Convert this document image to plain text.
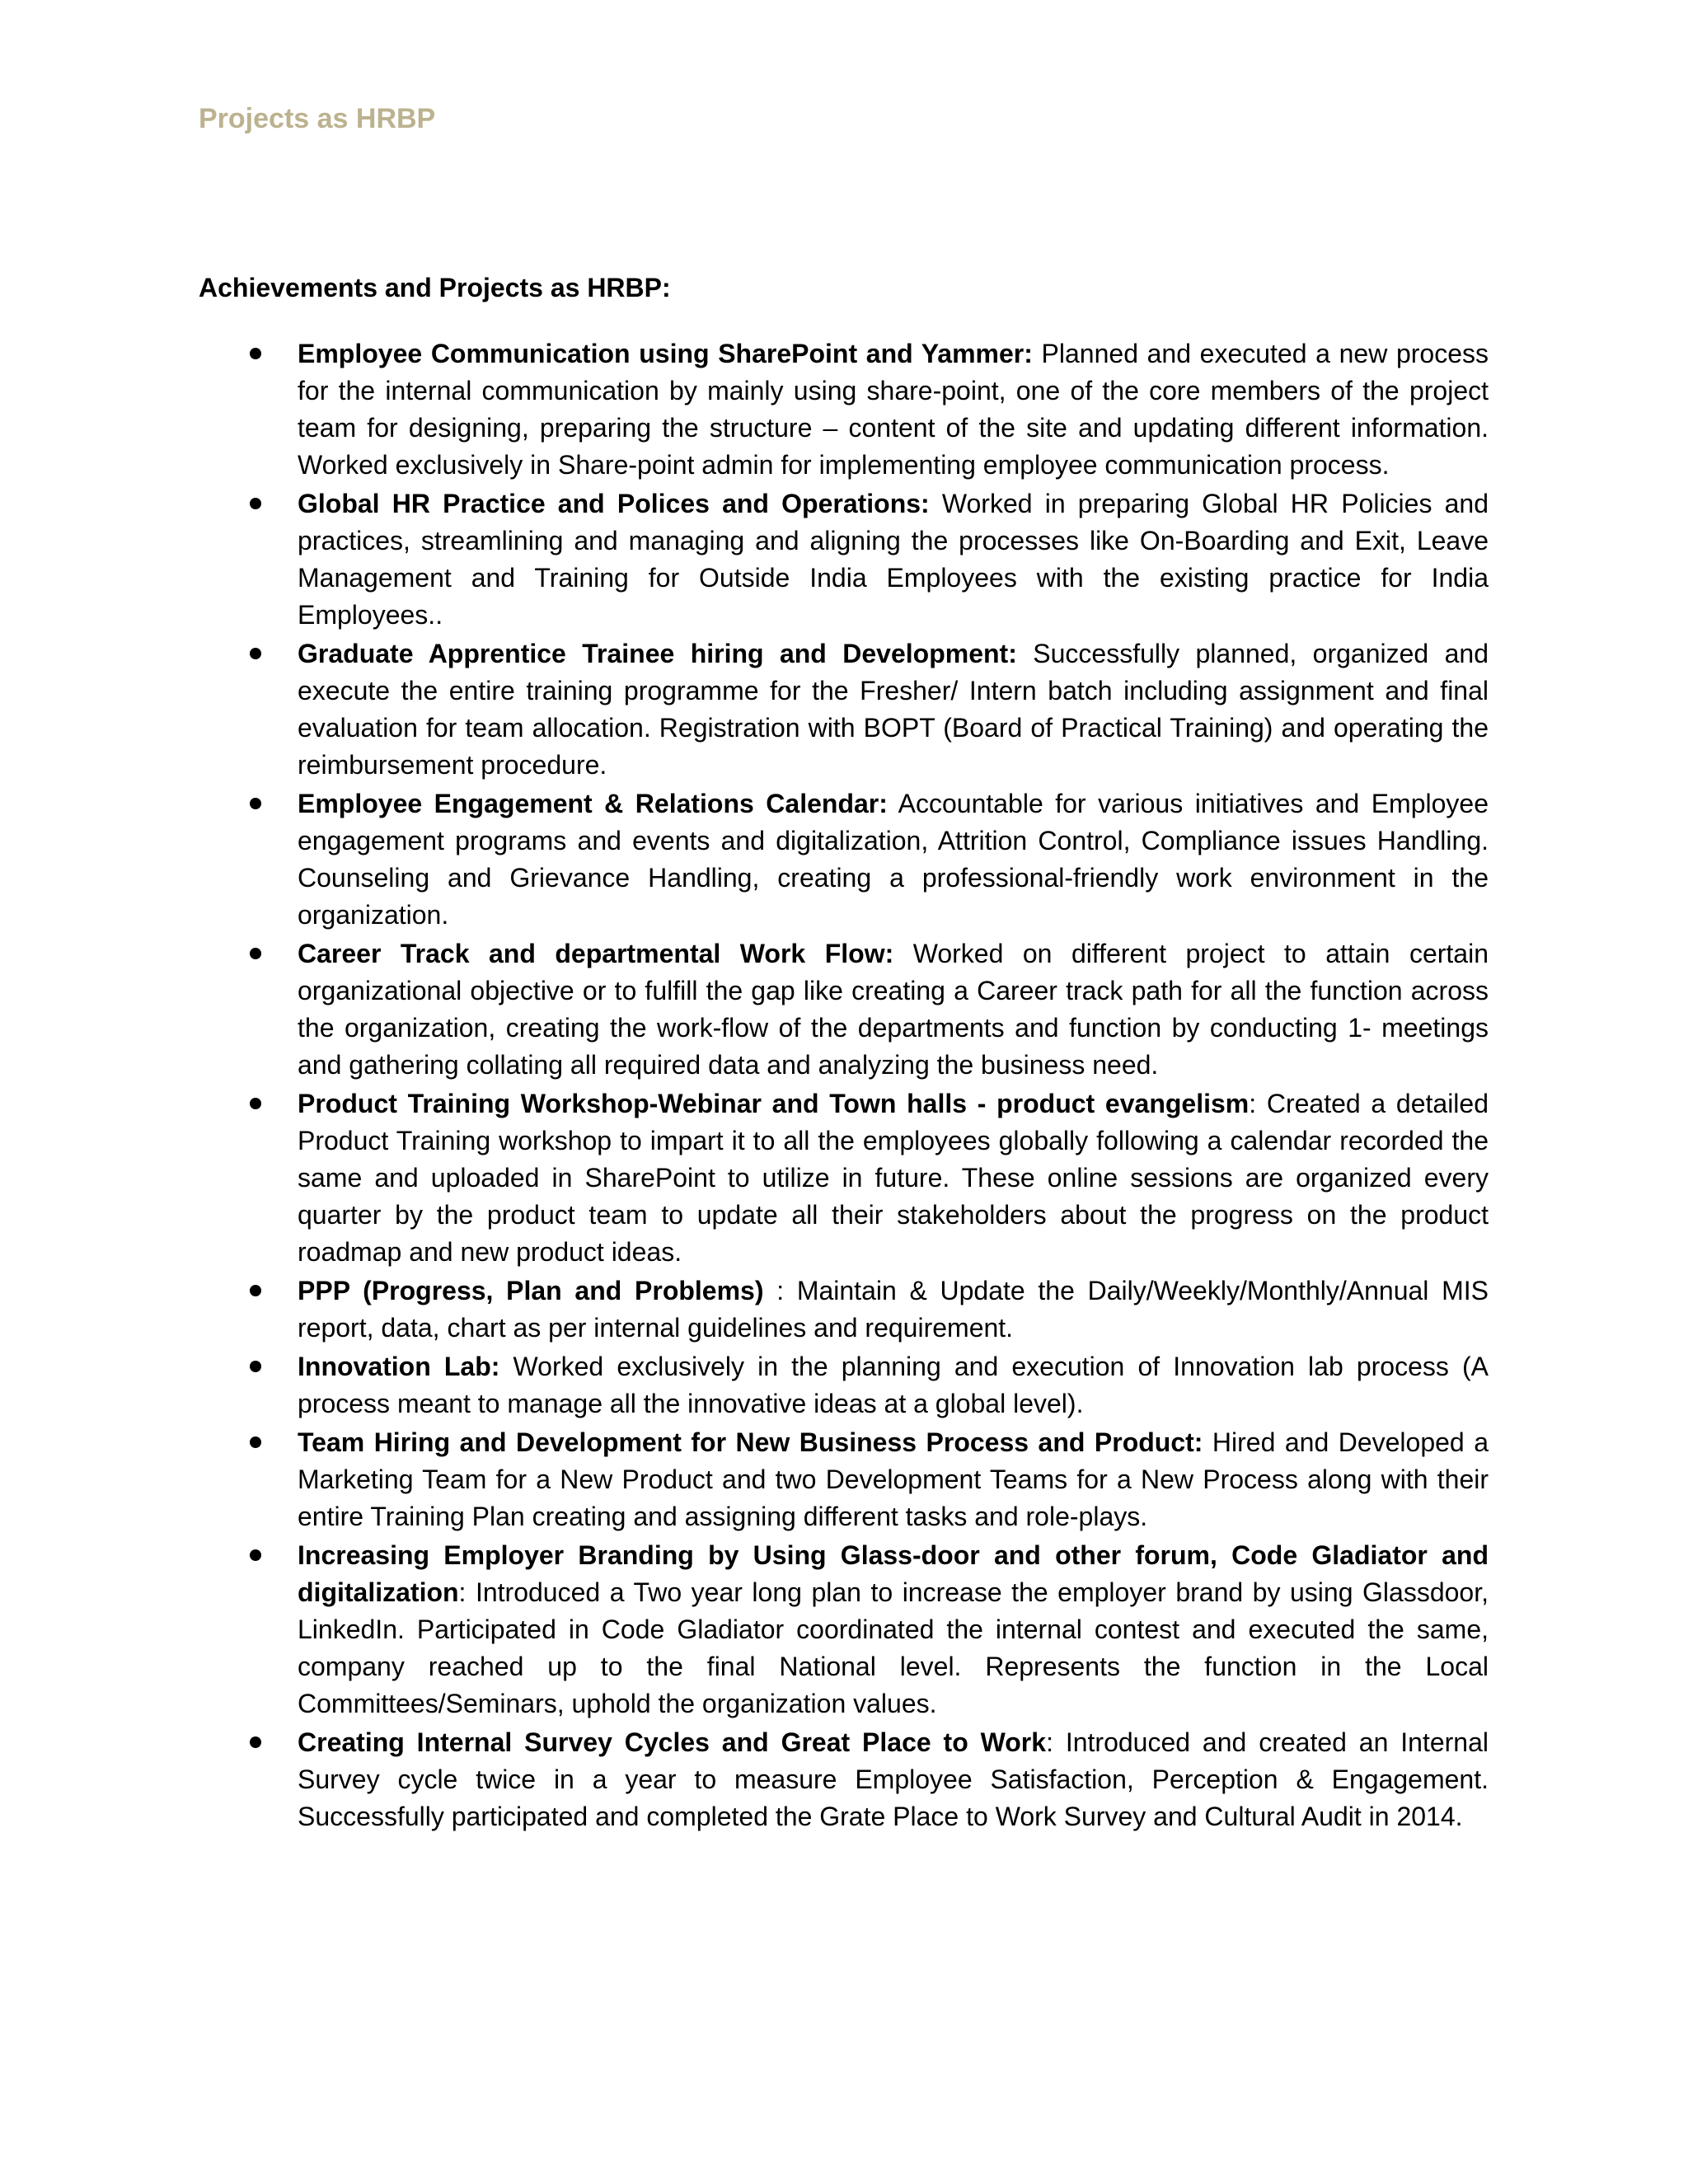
Projects as HRBP
Achievements and Projects as HRBP:
Employee Communication using SharePoint and Yammer: Planned and executed a new process for the internal communication by mainly using share-point, one of the core members of the project team for designing, preparing the structure – content of the site and updating different information. Worked exclusively in Share-point admin for implementing employee communication process.
Global HR Practice and Polices and Operations: Worked in preparing Global HR Policies and practices, streamlining and managing and aligning the processes like On-Boarding and Exit, Leave Management and Training for Outside India Employees with the existing practice for India Employees..
Graduate Apprentice Trainee hiring and Development: Successfully planned, organized and execute the entire training programme for the Fresher/ Intern batch including assignment and final evaluation for team allocation. Registration with BOPT (Board of Practical Training) and operating the reimbursement procedure.
Employee Engagement & Relations Calendar: Accountable for various initiatives and Employee engagement programs and events and digitalization, Attrition Control, Compliance issues Handling. Counseling and Grievance Handling, creating a professional-friendly work environment in the organization.
Career Track and departmental Work Flow: Worked on different project to attain certain organizational objective or to fulfill the gap like creating a Career track path for all the function across the organization, creating the work-flow of the departments and function by conducting 1- meetings and gathering collating all required data and analyzing the business need.
Product Training Workshop-Webinar and Town halls - product evangelism: Created a detailed Product Training workshop to impart it to all the employees globally following a calendar recorded the same and uploaded in SharePoint to utilize in future. These online sessions are organized every quarter by the product team to update all their stakeholders about the progress on the product roadmap and new product ideas.
PPP (Progress, Plan and Problems) : Maintain & Update the Daily/Weekly/Monthly/Annual MIS report, data, chart as per internal guidelines and requirement.
Innovation Lab: Worked exclusively in the planning and execution of Innovation lab process (A process meant to manage all the innovative ideas at a global level).
Team Hiring and Development for New Business Process and Product: Hired and Developed a Marketing Team for a New Product and two Development Teams for a New Process along with their entire Training Plan creating and assigning different tasks and role-plays.
Increasing Employer Branding by Using Glass-door and other forum, Code Gladiator and digitalization: Introduced a Two year long plan to increase the employer brand by using Glassdoor, LinkedIn. Participated in Code Gladiator coordinated the internal contest and executed the same, company reached up to the final National level. Represents the function in the Local Committees/Seminars, uphold the organization values.
Creating Internal Survey Cycles and Great Place to Work: Introduced and created an Internal Survey cycle twice in a year to measure Employee Satisfaction, Perception & Engagement. Successfully participated and completed the Grate Place to Work Survey and Cultural Audit in 2014.
